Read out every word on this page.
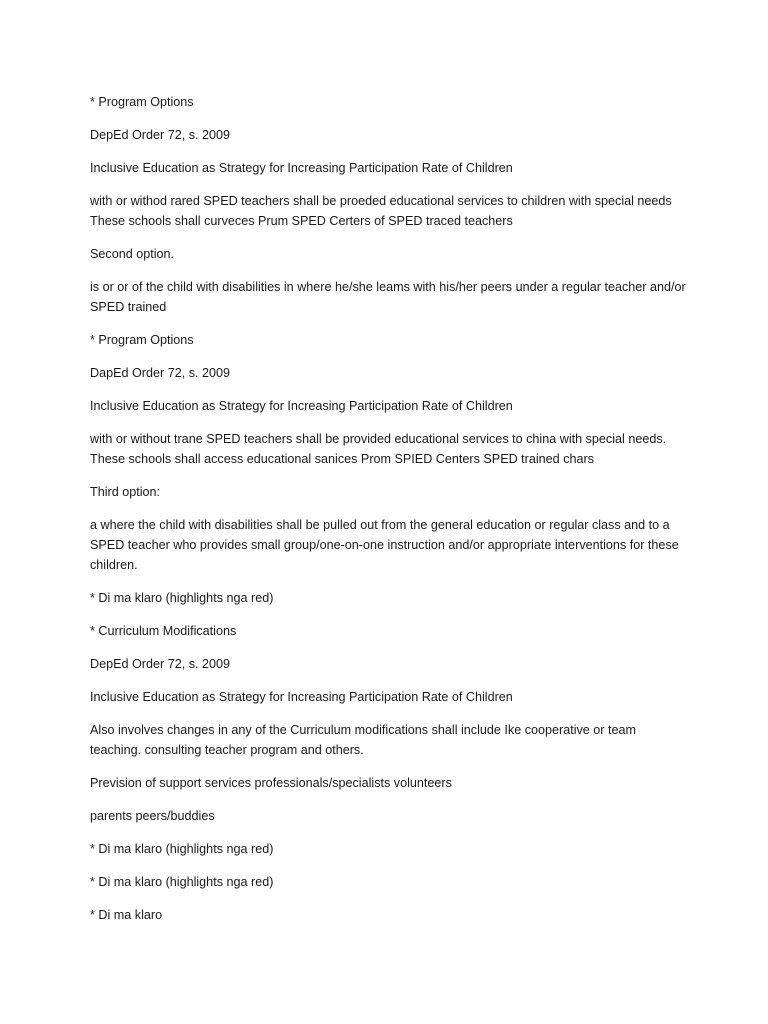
* Program Options

DepEd Order 72, s. 2009

Inclusive Education as Strategy for Increasing Participation Rate of Children

with or withod rared SPED teachers shall be proeded educational services to children with special needs These schools shall curveces Prum SPED Certers of SPED traced teachers

Second option.

is or or of the child with disabilities in where he/she leams with his/her peers under a regular teacher and/or SPED trained

* Program Options

DapEd Order 72, s. 2009

Inclusive Education as Strategy for Increasing Participation Rate of Children

with or without trane SPED teachers shall be provided educational services to china with special needs. These schools shall access educational sanices Prom SPIED Centers SPED trained chars

Third option:

a where the child with disabilities shall be pulled out from the general education or regular class and to a SPED teacher who provides small group/one-on-one instruction and/or appropriate interventions for these children.

* Di ma klaro (highlights nga red)

* Curriculum Modifications

DepEd Order 72, s. 2009

Inclusive Education as Strategy for Increasing Participation Rate of Children

Also involves changes in any of the Curriculum modifications shall include Ike cooperative or team teaching. consulting teacher program and others.

Prevision of support services professionals/specialists volunteers

parents peers/buddies

* Di ma klaro (highlights nga red)

* Di ma klaro (highlights nga red)

* Di ma klaro
